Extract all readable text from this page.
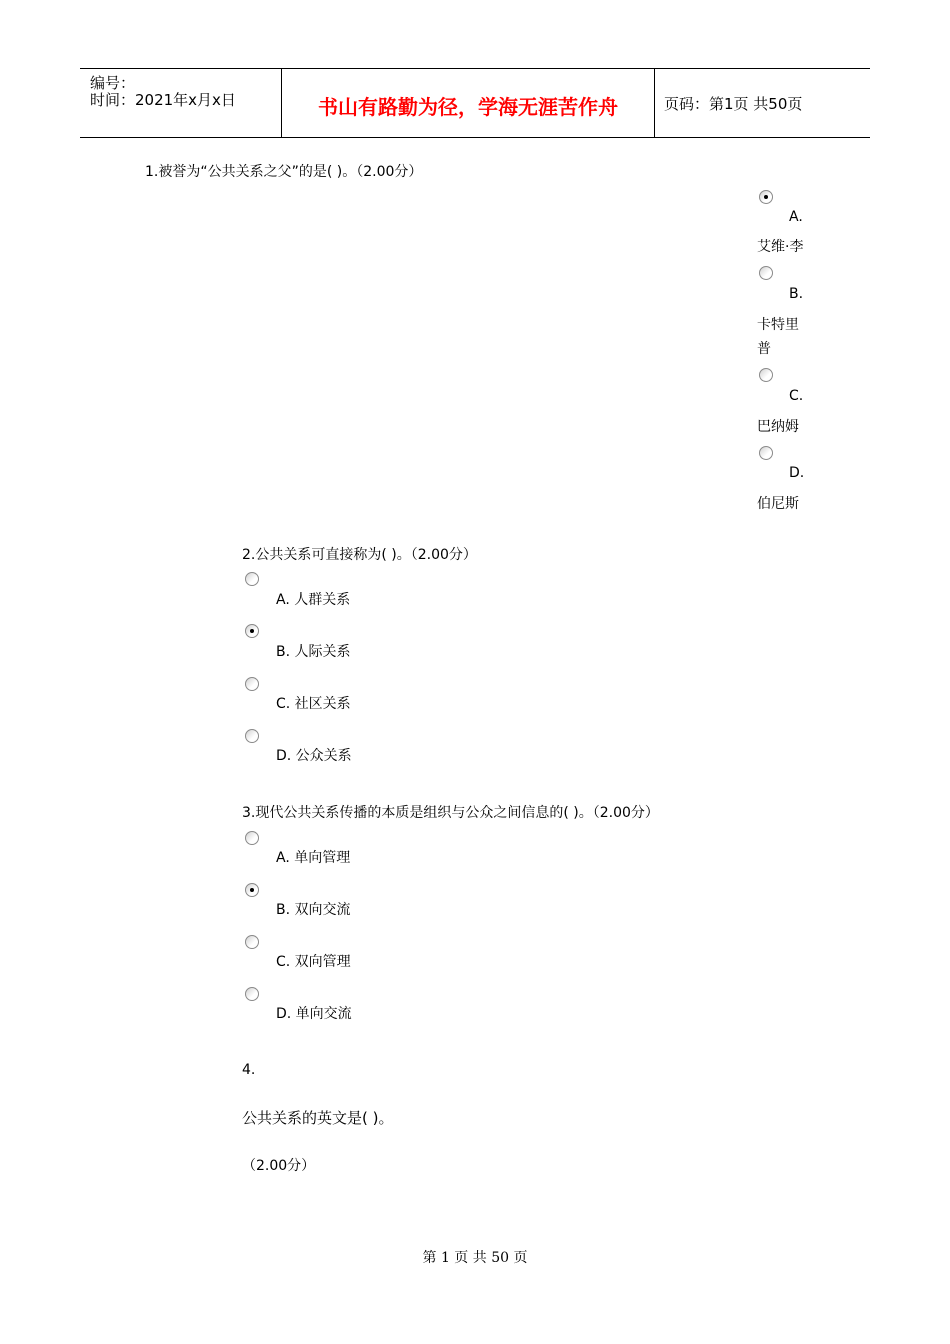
编号：
时间：2021年x月x日	书山有路勤为径，学海无涯苦作舟	页码：第1页 共50页
1.被誉为“公共关系之父”的是( )。（2.00分）
A.
艾维·李
B.
卡特里
普
C.
巴纳姆
D.
伯尼斯
2.公共关系可直接称为( )。（2.00分）
A. 人群关系
B. 人际关系
C. 社区关系
D. 公众关系
3.现代公共关系传播的本质是组织与公众之间信息的( )。（2.00分）
A. 单向管理
B. 双向交流
C. 双向管理
D. 单向交流
4.
公共关系的英文是( )。
（2.00分）
第 1 页 共 50 页
